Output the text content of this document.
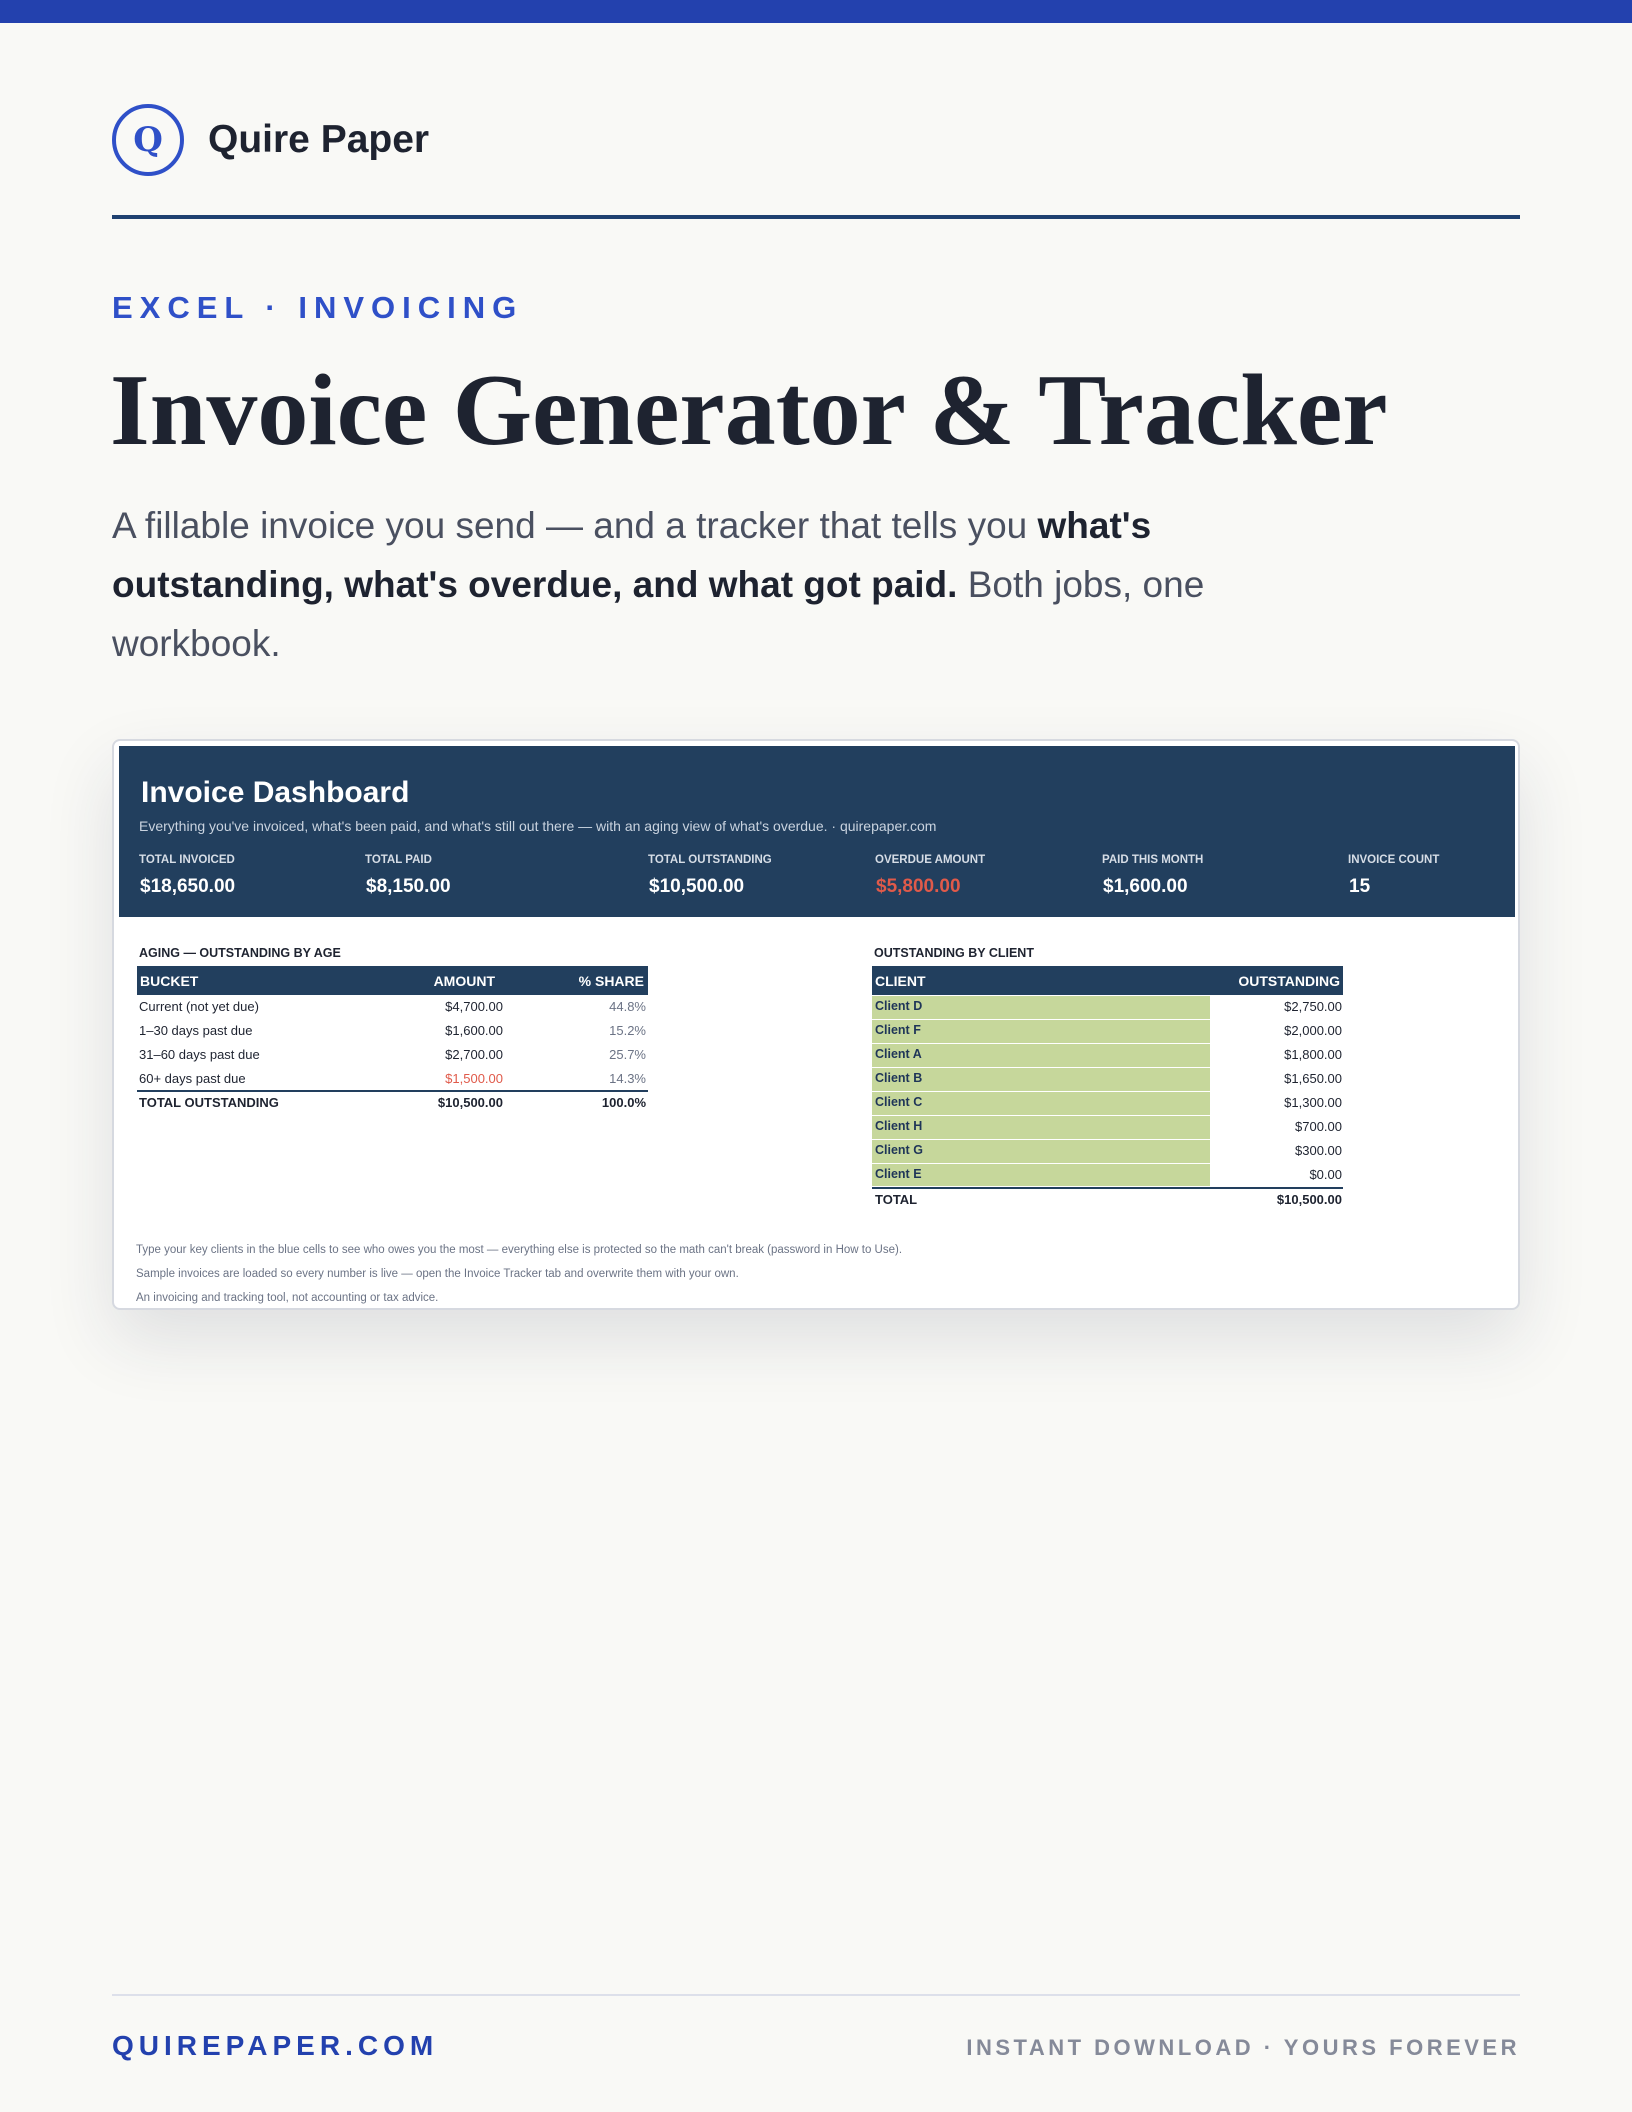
Q	Quire Paper
EXCEL · INVOICING
Invoice Generator & Tracker

A fillable invoice you send — and a tracker that tells you what's outstanding, what's overdue, and what got paid. Both jobs, one workbook.

Invoice Dashboard
Everything you've invoiced, what's been paid, and what's still out there — with an aging view of what's overdue. · quirepaper.com
TOTAL INVOICED
$18,650.00
TOTAL PAID
$8,150.00
TOTAL OUTSTANDING
$10,500.00
OVERDUE AMOUNT
$5,800.00
PAID THIS MONTH
$1,600.00
INVOICE COUNT
15
AGING — OUTSTANDING BY AGE
BUCKET	AMOUNT	% SHARE
Current (not yet due)	$4,700.00	44.8%
1–30 days past due	$1,600.00	15.2%
31–60 days past due	$2,700.00	25.7%
60+ days past due	$1,500.00	14.3%
TOTAL OUTSTANDING	$10,500.00	100.0%
OUTSTANDING BY CLIENT
CLIENT	OUTSTANDING
Client D	$2,750.00
Client F	$2,000.00
Client A	$1,800.00
Client B	$1,650.00
Client C	$1,300.00
Client H	$700.00
Client G	$300.00
Client E	$0.00
TOTAL	$10,500.00
Type your key clients in the blue cells to see who owes you the most — everything else is protected so the math can't break (password in How to Use).
Sample invoices are loaded so every number is live — open the Invoice Tracker tab and overwrite them with your own.
An invoicing and tracking tool, not accounting or tax advice.
QUIREPAPER.COM	INSTANT DOWNLOAD · YOURS FOREVER
